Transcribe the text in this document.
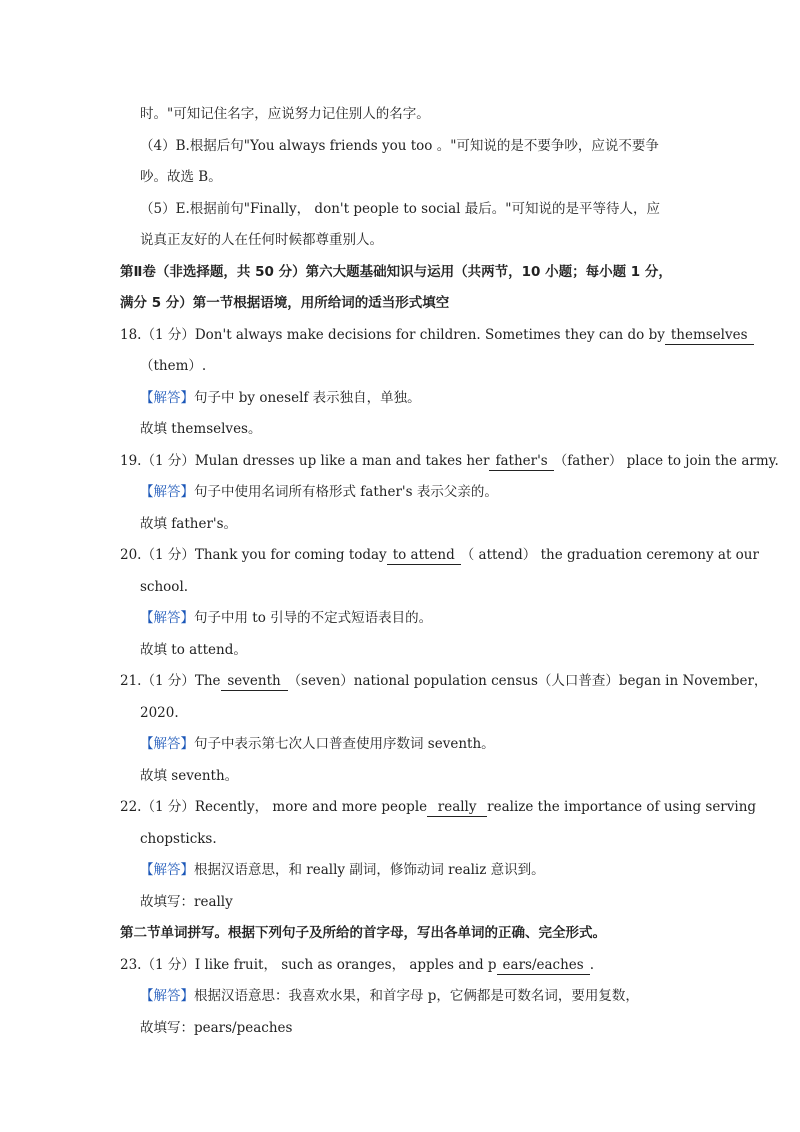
时。"可知记住名字，应说努力记住别人的名字。
（4）B.根据后句"You always friends you too 。"可知说的是不要争吵，应说不要争
吵。故选 B。
（5）E.根据前句"Finally， don't people to social 最后。"可知说的是平等待人，应
说真正友好的人在任何时候都尊重别人。
第Ⅱ卷（非选择题，共 50 分）第六大题基础知识与运用（共两节，10 小题；每小题 1 分，
满分 5 分）第一节根据语境，用所给词的适当形式填空
18.（1 分）Don't always make decisions for children. Sometimes they can do by themselves
（them）.
【解答】句子中 by oneself 表示独自，单独。
故填 themselves。
19.（1 分）Mulan dresses up like a man and takes her father's （father） place to join the army.
【解答】句子中使用名词所有格形式 father's 表示父亲的。
故填 father's。
20.（1 分）Thank you for coming today to attend （ attend） the graduation ceremony at our
school.
【解答】句子中用 to 引导的不定式短语表目的。
故填 to attend。
21.（1 分）The seventh （seven）national population census（人口普查）began in November，
2020.
【解答】句子中表示第七次人口普查使用序数词 seventh。
故填 seventh。
22.（1 分）Recently， more and more people really realize the importance of using serving
chopsticks.
【解答】根据汉语意思，和 really 副词，修饰动词 realiz 意识到。
故填写：really
第二节单词拼写。根据下列句子及所给的首字母，写出各单词的正确、完全形式。
23.（1 分）I like fruit， such as oranges， apples and p ears/eaches .
【解答】根据汉语意思：我喜欢水果，和首字母 p，它俩都是可数名词，要用复数，
故填写：pears/peaches
